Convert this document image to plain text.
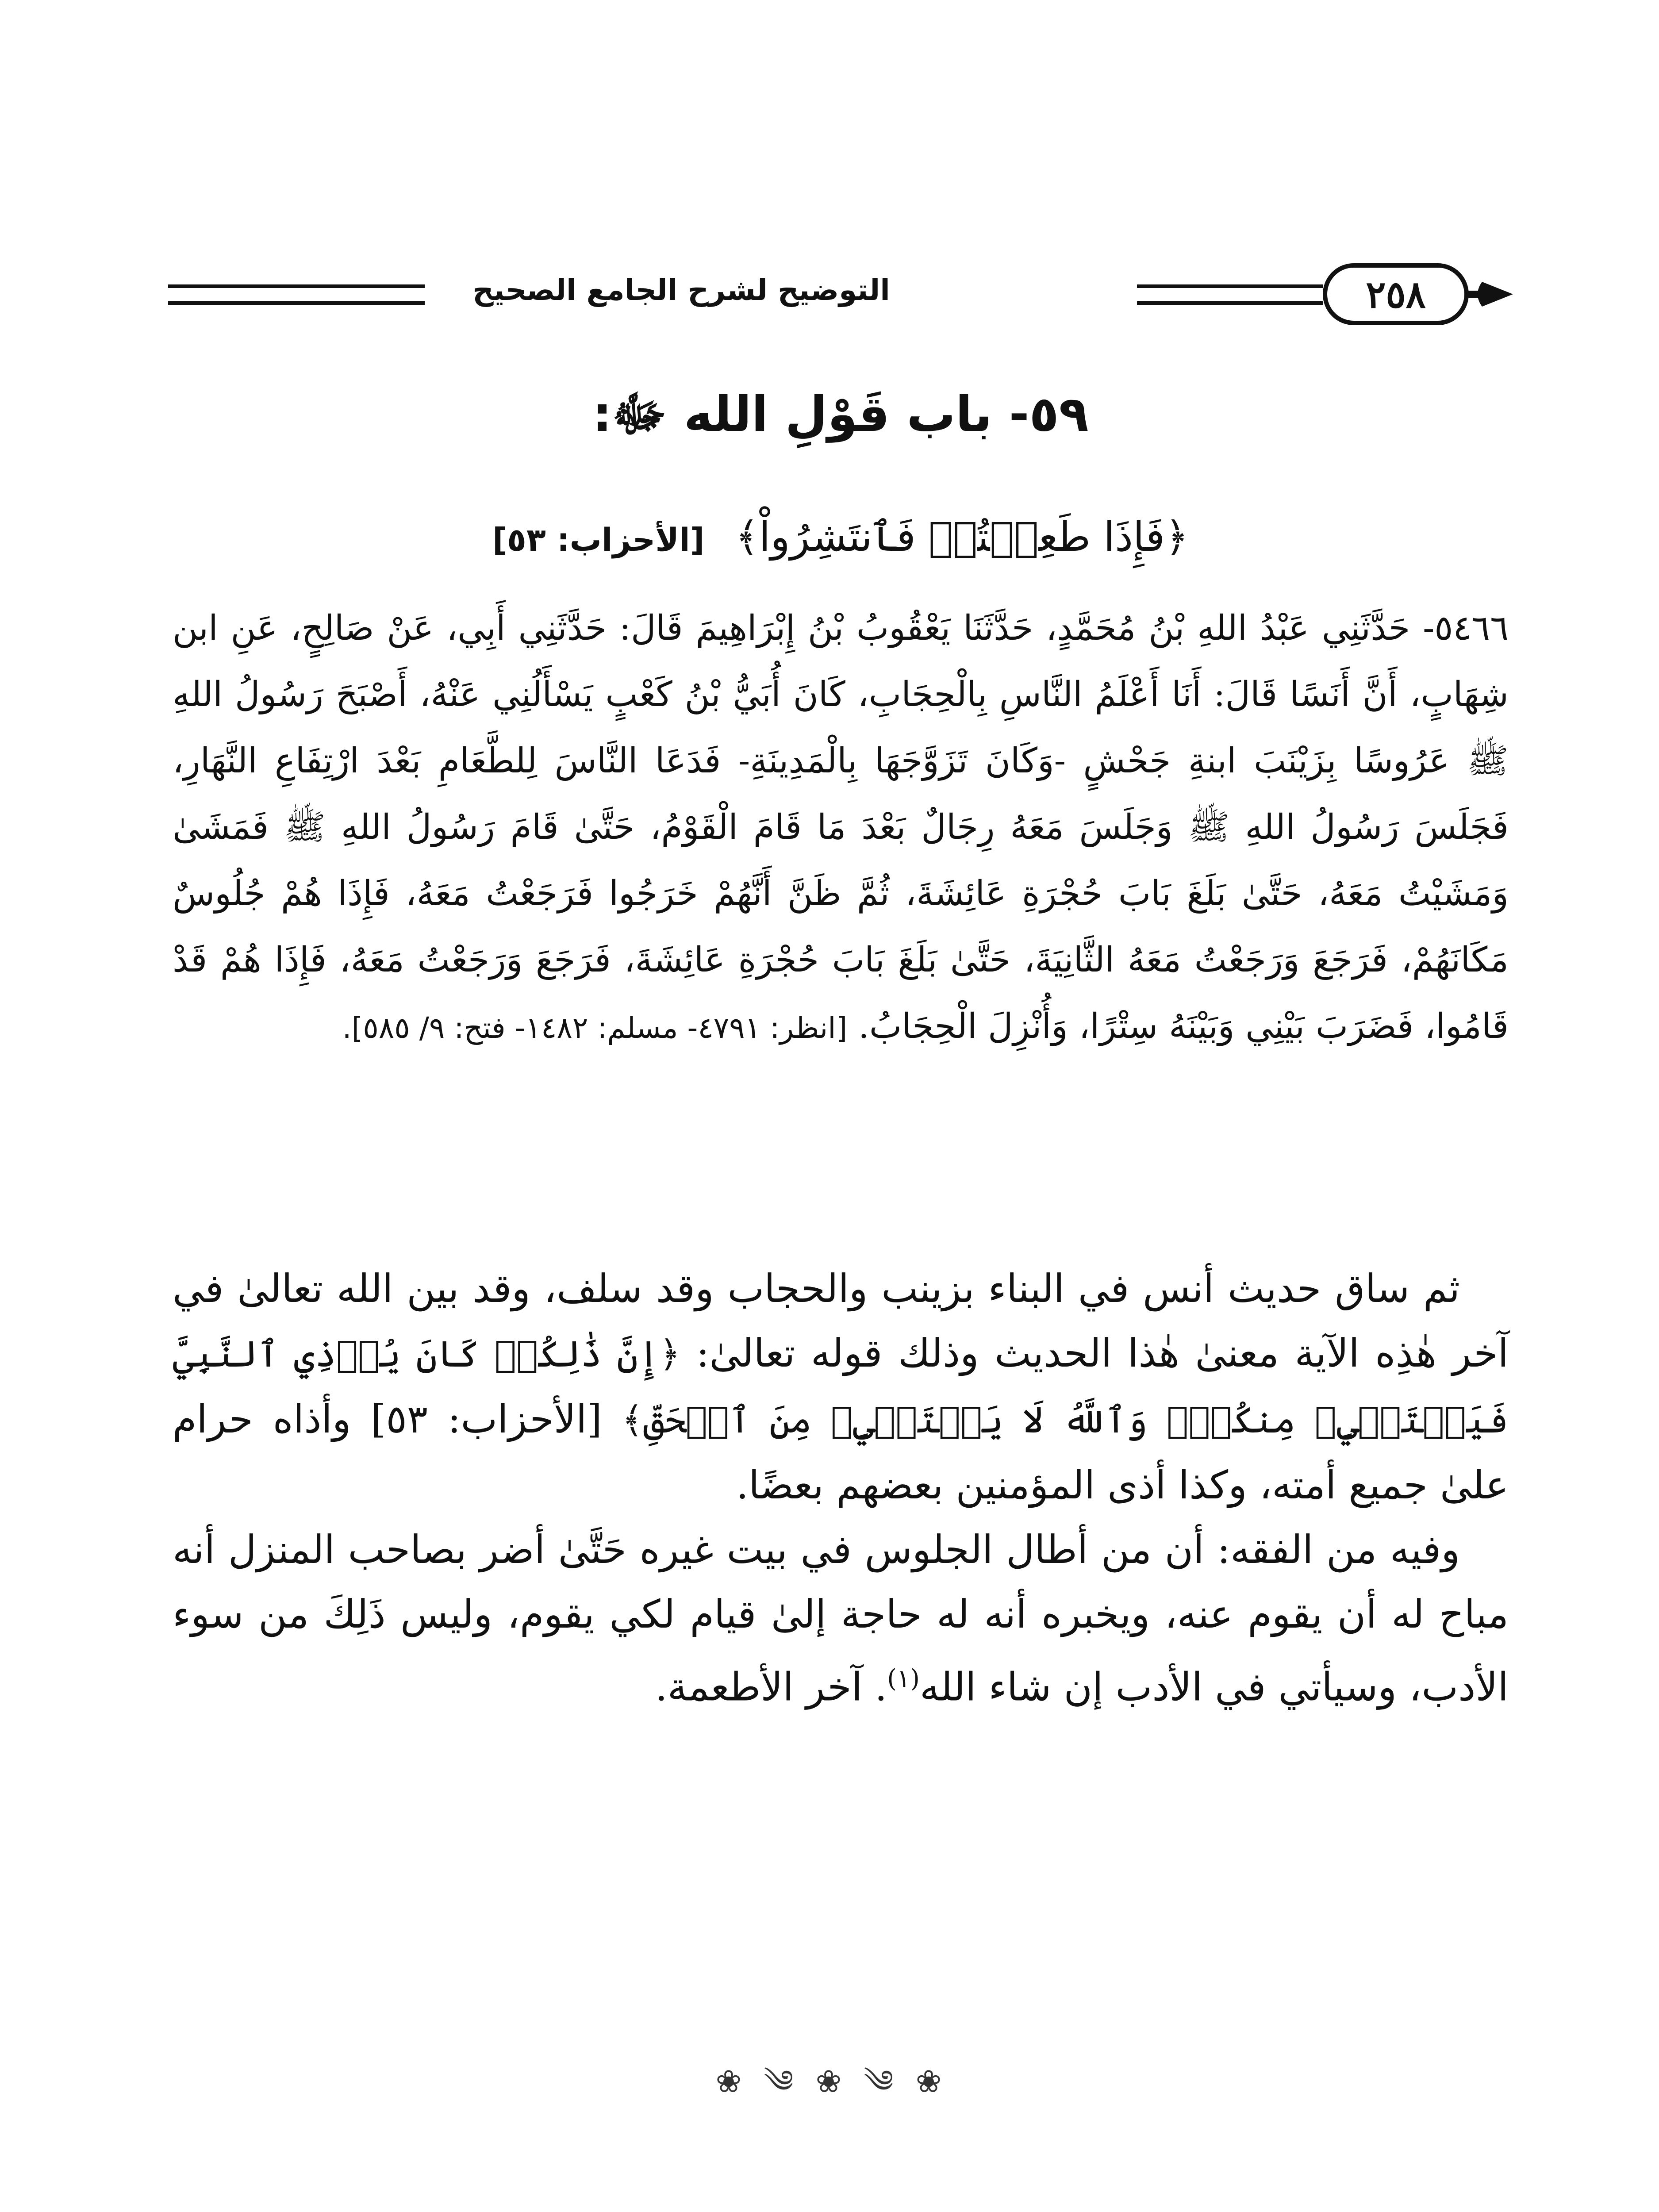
التوضيح لشرح الجامع الصحيح	٢٥٨
٥٩- باب قَوْلِ الله ﷻ:
﴿فَإِذَا طَعِمۡتُمۡ فَٱنتَشِرُواْ﴾ [الأحزاب: ٥٣]
٥٤٦٦- حَدَّثَنِي عَبْدُ اللهِ بْنُ مُحَمَّدٍ، حَدَّثَنَا يَعْقُوبُ بْنُ إِبْرَاهِيمَ قَالَ: حَدَّثَنِي أَبِي، عَنْ صَالِحٍ، عَنِ ابن شِهَابٍ، أَنَّ أَنَسًا قَالَ: أَنَا أَعْلَمُ النَّاسِ بِالْحِجَابِ، كَانَ أُبَيُّ بْنُ كَعْبٍ يَسْأَلُنِي عَنْهُ، أَصْبَحَ رَسُولُ اللهِ ﷺ عَرُوسًا بِزَيْنَبَ ابنةِ جَحْشٍ -وَكَانَ تَزَوَّجَهَا بِالْمَدِينَةِ- فَدَعَا النَّاسَ لِلطَّعَامِ بَعْدَ ارْتِفَاعِ النَّهَارِ، فَجَلَسَ رَسُولُ اللهِ ﷺ وَجَلَسَ مَعَهُ رِجَالٌ بَعْدَ مَا قَامَ الْقَوْمُ، حَتَّىٰ قَامَ رَسُولُ اللهِ ﷺ فَمَشَىٰ وَمَشَيْتُ مَعَهُ، حَتَّىٰ بَلَغَ بَابَ حُجْرَةِ عَائِشَةَ، ثُمَّ ظَنَّ أَنَّهُمْ خَرَجُوا فَرَجَعْتُ مَعَهُ، فَإِذَا هُمْ جُلُوسٌ مَكَانَهُمْ، فَرَجَعَ وَرَجَعْتُ مَعَهُ الثَّانِيَةَ، حَتَّىٰ بَلَغَ بَابَ حُجْرَةِ عَائِشَةَ، فَرَجَعَ وَرَجَعْتُ مَعَهُ، فَإِذَا هُمْ قَدْ قَامُوا، فَضَرَبَ بَيْنِي وَبَيْنَهُ سِتْرًا، وَأُنْزِلَ الْحِجَابُ. [انظر: ٤٧٩١- مسلم: ١٤٨٢- فتح: ٩/ ٥٨٥].

ثم ساق حديث أنس في البناء بزينب والحجاب وقد سلف، وقد بين الله تعالىٰ في آخر هٰذِه الآية معنىٰ هٰذا الحديث وذلك قوله تعالىٰ: ﴿إِنَّ ذَٰلِكُمۡ كَانَ يُؤۡذِي ٱلنَّبِيَّ فَيَسۡتَحۡيِۦ مِنكُمۡۖ وَٱللَّهُ لَا يَسۡتَحۡيِۦ مِنَ ٱلۡحَقِّ﴾ [الأحزاب: ٥٣] وأذاه حرام علىٰ جميع أمته، وكذا أذى المؤمنين بعضهم بعضًا.

وفيه من الفقه: أن من أطال الجلوس في بيت غيره حَتَّىٰ أضر بصاحب المنزل أنه مباح له أن يقوم عنه، ويخبره أنه له حاجة إلىٰ قيام لكي يقوم، وليس ذَلِكَ من سوء الأدب، وسيأتي في الأدب إن شاء الله$^{(١)}$. آخر الأطعمة.

❀ ༄ ❀ ༄ ❀
